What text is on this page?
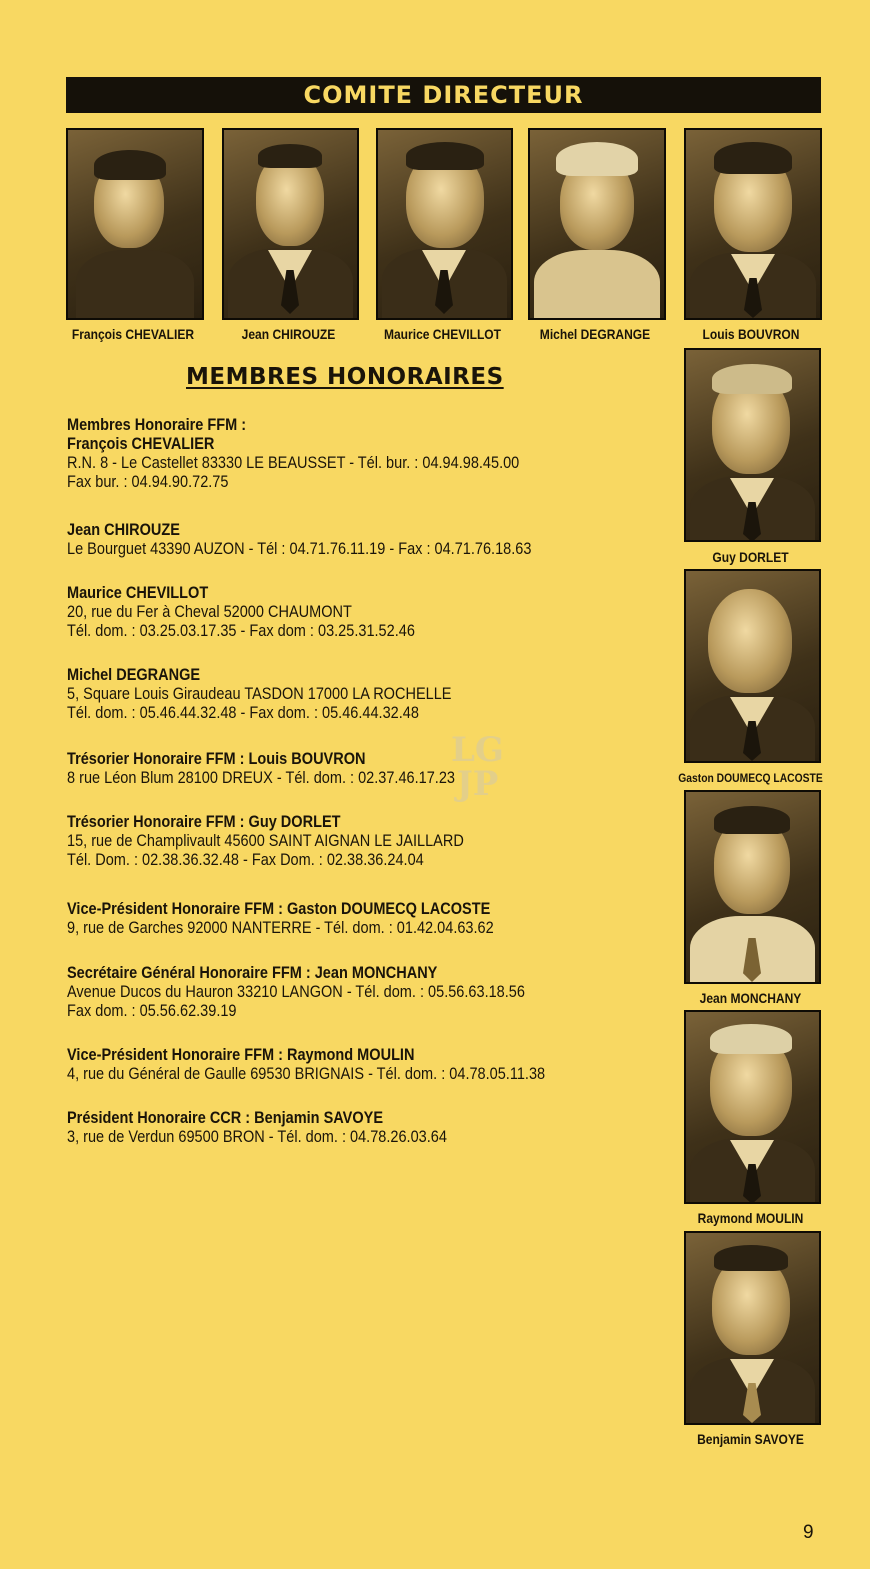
COMITE DIRECTEUR
François CHEVALIER	Jean CHIROUZE	Maurice CHEVILLOT	Michel DEGRANGE	Louis BOUVRON
MEMBRES HONORAIRES
Membres Honoraire FFM :
François CHEVALIER
R.N. 8 - Le Castellet 83330 LE BEAUSSET - Tél. bur. : 04.94.98.45.00
Fax bur. : 04.94.90.72.75
Jean CHIROUZE
Le Bourguet 43390 AUZON - Tél : 04.71.76.11.19 - Fax : 04.71.76.18.63
Maurice CHEVILLOT
20, rue du Fer à Cheval 52000 CHAUMONT
Tél. dom. : 03.25.03.17.35 - Fax dom : 03.25.31.52.46
Michel DEGRANGE
5, Square Louis Giraudeau TASDON 17000 LA ROCHELLE
Tél. dom. : 05.46.44.32.48 - Fax dom. : 05.46.44.32.48
Trésorier Honoraire FFM : Louis BOUVRON
8 rue Léon Blum 28100 DREUX - Tél. dom. : 02.37.46.17.23
Trésorier Honoraire FFM : Guy DORLET
15, rue de Champlivault 45600 SAINT AIGNAN LE JAILLARD
Tél. Dom. : 02.38.36.32.48 - Fax Dom. : 02.38.36.24.04
Vice-Président Honoraire FFM : Gaston DOUMECQ LACOSTE
9, rue de Garches 92000 NANTERRE - Tél. dom. : 01.42.04.63.62
Secrétaire Général Honoraire FFM : Jean MONCHANY
Avenue Ducos du Hauron 33210 LANGON - Tél. dom. : 05.56.63.18.56
Fax dom. : 05.56.62.39.19
Vice-Président Honoraire FFM : Raymond MOULIN
4, rue du Général de Gaulle 69530 BRIGNAIS - Tél. dom. : 04.78.05.11.38
Président Honoraire CCR : Benjamin SAVOYE
3, rue de Verdun 69500 BRON - Tél. dom. : 04.78.26.03.64
LG
JP
Guy DORLET
Gaston DOUMECQ LACOSTE
Jean MONCHANY
Raymond MOULIN
Benjamin SAVOYE
9
